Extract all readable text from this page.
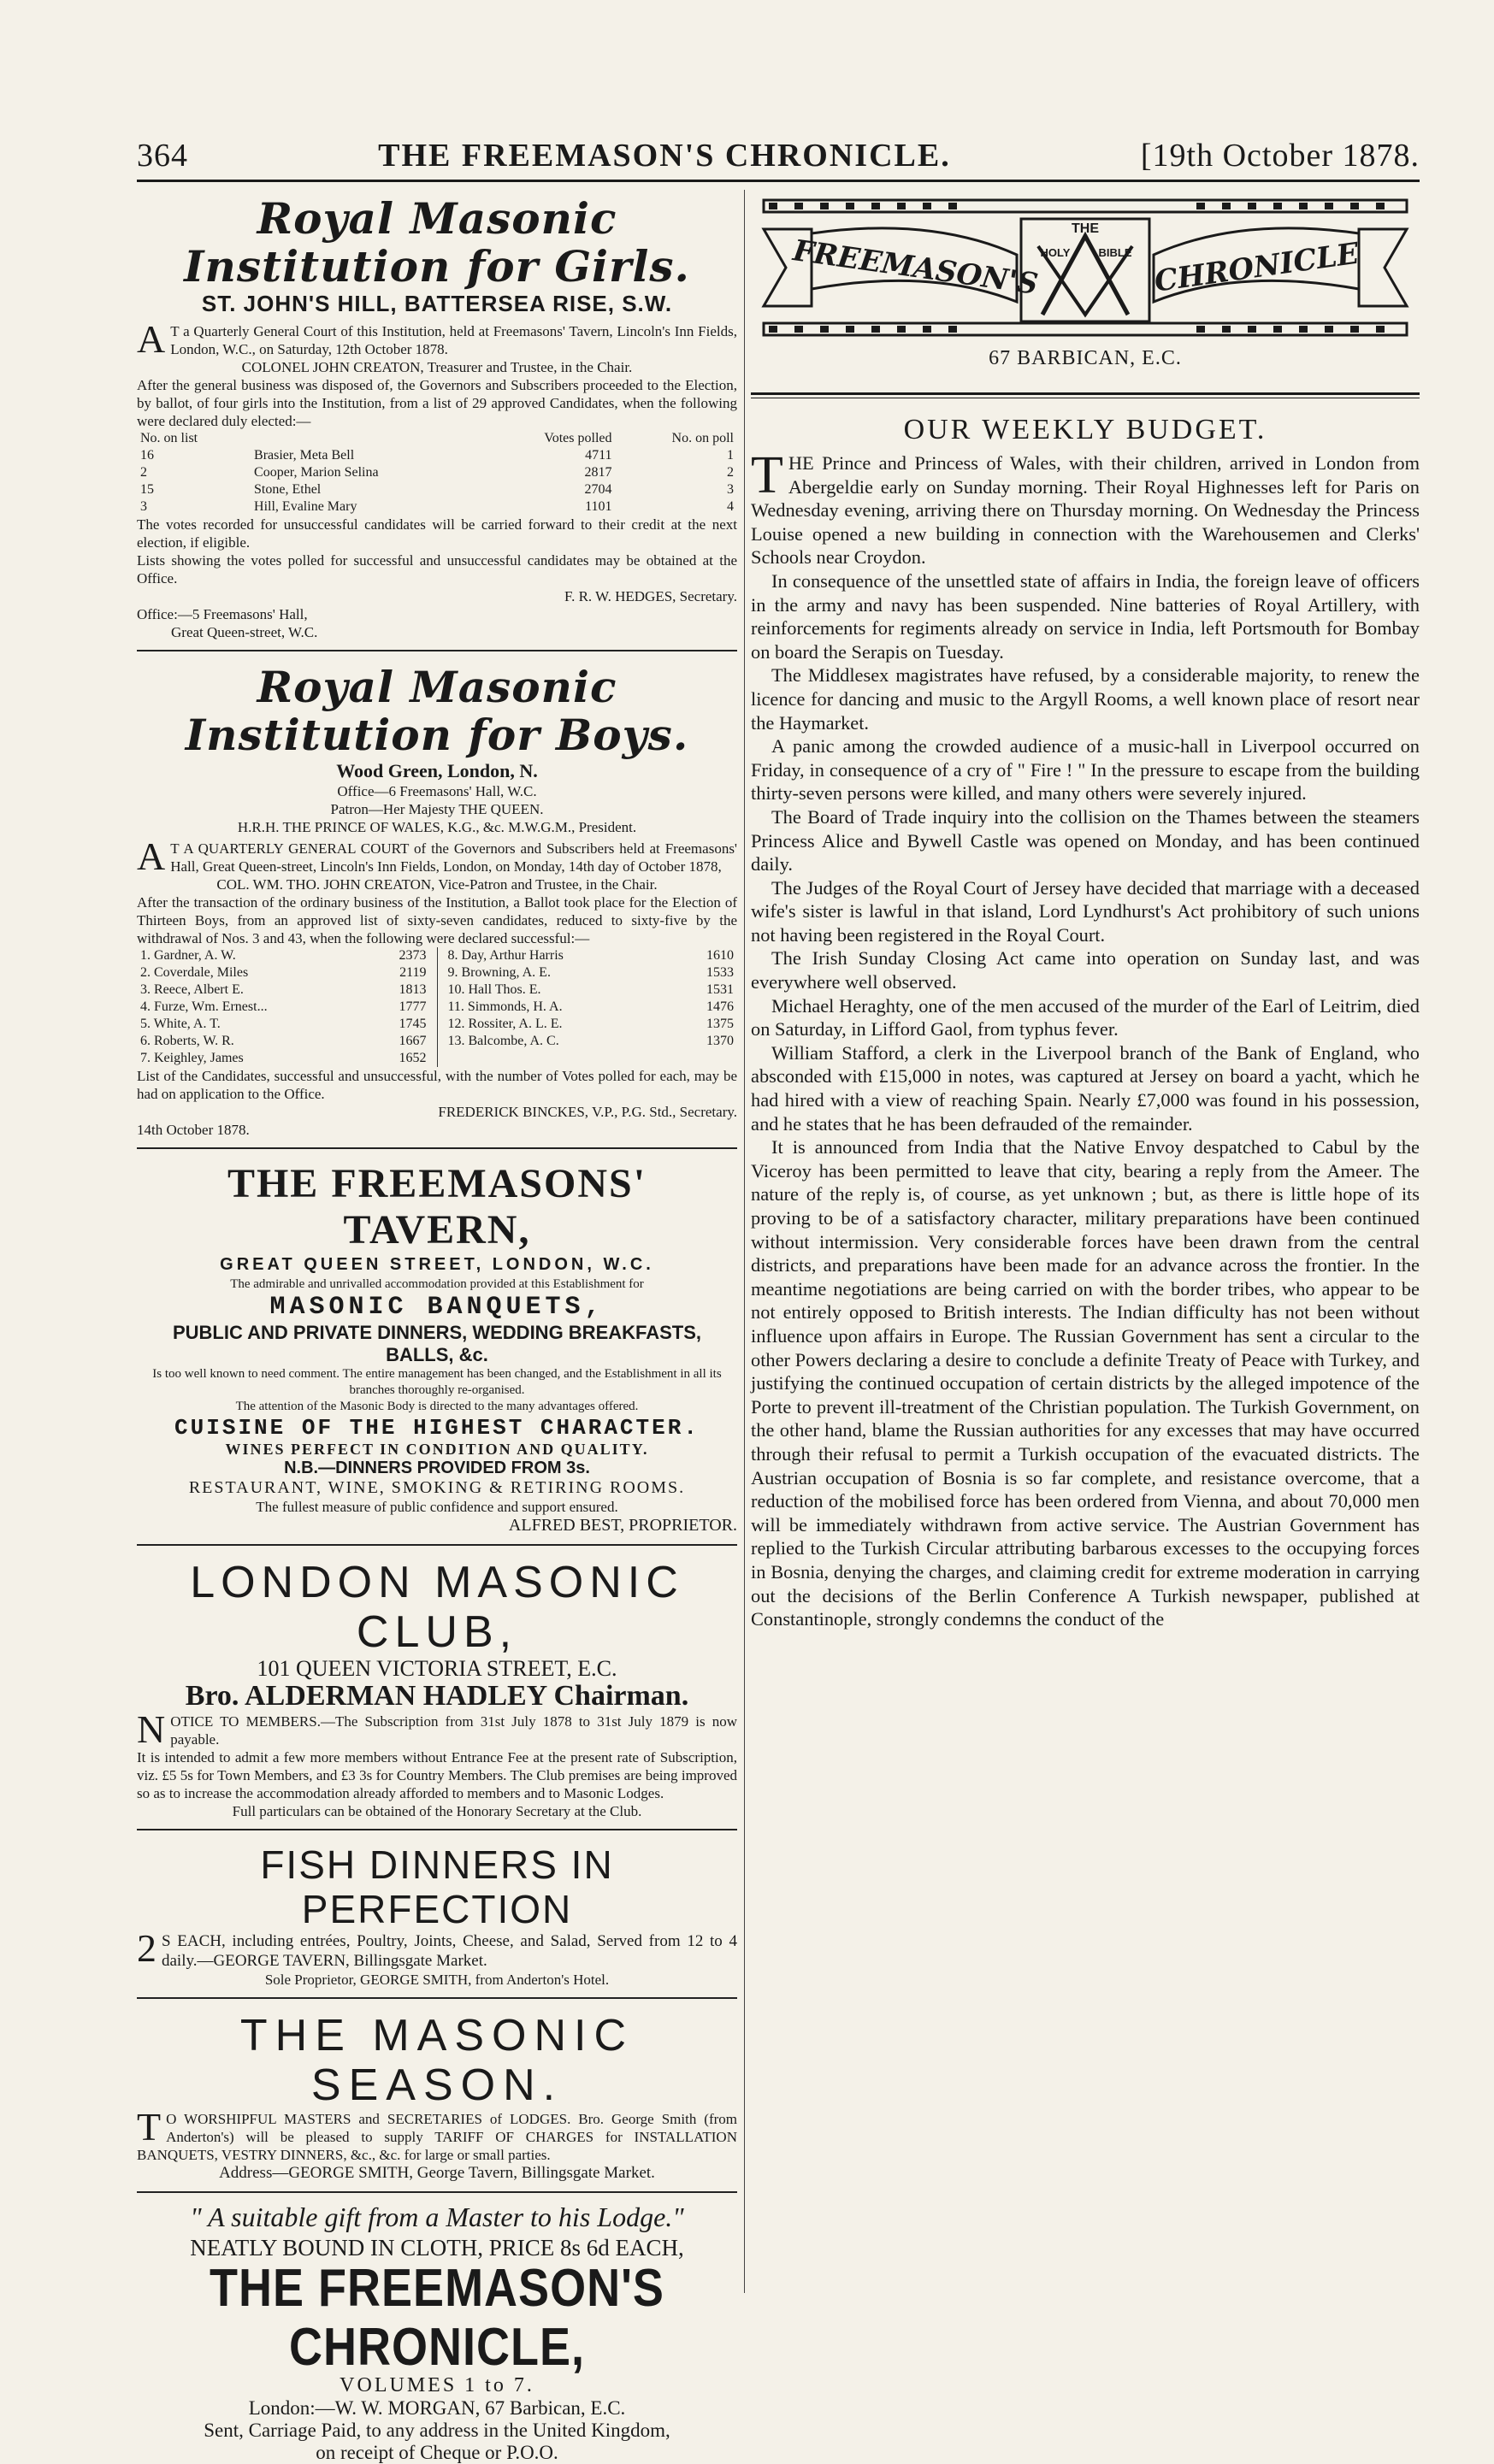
364	THE FREEMASON'S CHRONICLE.	[19th October 1878.
Royal Masonic Institution for Girls.
ST. JOHN'S HILL, BATTERSEA RISE, S.W.
AT a Quarterly General Court of this Institution, held at Freemasons' Tavern, Lincoln's Inn Fields, London, W.C., on Saturday, 12th October 1878.
COLONEL JOHN CREATON, Treasurer and Trustee, in the Chair.
After the general business was disposed of, the Governors and Subscribers proceeded to the Election, by ballot, of four girls into the Institution, from a list of 29 approved Candidates, when the following were declared duly elected:—
No. on list		Votes polled	No. on poll
16	Brasier, Meta Bell	4711	1
2	Cooper, Marion Selina	2817	2
15	Stone, Ethel	2704	3
3	Hill, Evaline Mary	1101	4
The votes recorded for unsuccessful candidates will be carried forward to their credit at the next election, if eligible.
Lists showing the votes polled for successful and unsuccessful candidates may be obtained at the Office.
F. R. W. HEDGES, Secretary.
Office:—5 Freemasons' Hall,
Great Queen-street, W.C.
Royal Masonic Institution for Boys.
Wood Green, London, N.
Office—6 Freemasons' Hall, W.C.
Patron—Her Majesty THE QUEEN.
H.R.H. THE PRINCE OF WALES, K.G., &c. M.W.G.M., President.
AT A QUARTERLY GENERAL COURT of the Governors and Subscribers held at Freemasons' Hall, Great Queen-street, Lincoln's Inn Fields, London, on Monday, 14th day of October 1878,
COL. WM. THO. JOHN CREATON, Vice-Patron and Trustee, in the Chair.
After the transaction of the ordinary business of the Institution, a Ballot took place for the Election of Thirteen Boys, from an approved list of sixty-seven candidates, reduced to sixty-five by the withdrawal of Nos. 3 and 43, when the following were declared successful:—
1. Gardner, A. W.	2373
2. Coverdale, Miles	2119
3. Reece, Albert E.	1813
4. Furze, Wm. Ernest...	1777
5. White, A. T.	1745
6. Roberts, W. R.	1667
7. Keighley, James	1652
8. Day, Arthur Harris	1610
9. Browning, A. E.	1533
10. Hall Thos. E.	1531
11. Simmonds, H. A.	1476
12. Rossiter, A. L. E.	1375
13. Balcombe, A. C.	1370
List of the Candidates, successful and unsuccessful, with the number of Votes polled for each, may be had on application to the Office.
FREDERICK BINCKES, V.P., P.G. Std., Secretary.
14th October 1878.
THE FREEMASONS' TAVERN,
GREAT QUEEN STREET, LONDON, W.C.
The admirable and unrivalled accommodation provided at this Establishment for
MASONIC BANQUETS,
PUBLIC AND PRIVATE DINNERS, WEDDING BREAKFASTS, BALLS, &c.
Is too well known to need comment. The entire management has been changed, and the Establishment in all its branches thoroughly re-organised.
The attention of the Masonic Body is directed to the many advantages offered.
CUISINE OF THE HIGHEST CHARACTER.
WINES PERFECT IN CONDITION AND QUALITY.
N.B.—DINNERS PROVIDED FROM 3s.
RESTAURANT, WINE, SMOKING & RETIRING ROOMS.
The fullest measure of public confidence and support ensured.
ALFRED BEST, PROPRIETOR.
LONDON MASONIC CLUB,
101 QUEEN VICTORIA STREET, E.C.
Bro. ALDERMAN HADLEY Chairman.
NOTICE TO MEMBERS.—The Subscription from 31st July 1878 to 31st July 1879 is now payable.
It is intended to admit a few more members without Entrance Fee at the present rate of Subscription, viz. £5 5s for Town Members, and £3 3s for Country Members. The Club premises are being improved so as to increase the accommodation already afforded to members and to Masonic Lodges.
Full particulars can be obtained of the Honorary Secretary at the Club.
FISH DINNERS IN PERFECTION
2S EACH, including entrées, Poultry, Joints, Cheese, and Salad, Served from 12 to 4 daily.—GEORGE TAVERN, Billingsgate Market.
Sole Proprietor, GEORGE SMITH, from Anderton's Hotel.
THE MASONIC SEASON.
TO WORSHIPFUL MASTERS and SECRETARIES of LODGES. Bro. George Smith (from Anderton's) will be pleased to supply TARIFF OF CHARGES for INSTALLATION BANQUETS, VESTRY DINNERS, &c., &c. for large or small parties.
Address—GEORGE SMITH, George Tavern, Billingsgate Market.
" A suitable gift from a Master to his Lodge."
NEATLY BOUND IN CLOTH, PRICE 8s 6d EACH,
THE FREEMASON'S CHRONICLE,
VOLUMES 1 to 7.
London:—W. W. MORGAN, 67 Barbican, E.C.
Sent, Carriage Paid, to any address in the United Kingdom,
on receipt of Cheque or P.O.O.
THE
HOLY	BIBLE
FREEMASON'S	CHRONICLE
67 BARBICAN, E.C.
OUR WEEKLY BUDGET.

THE Prince and Princess of Wales, with their children, arrived in London from Abergeldie early on Sunday morning. Their Royal Highnesses left for Paris on Wednesday evening, arriving there on Thursday morning. On Wednesday the Princess Louise opened a new building in connection with the Warehousemen and Clerks' Schools near Croydon.

In consequence of the unsettled state of affairs in India, the foreign leave of officers in the army and navy has been suspended. Nine batteries of Royal Artillery, with reinforcements for regiments already on service in India, left Portsmouth for Bombay on board the Serapis on Tuesday.

The Middlesex magistrates have refused, by a considerable majority, to renew the licence for dancing and music to the Argyll Rooms, a well known place of resort near the Haymarket.

A panic among the crowded audience of a music-hall in Liverpool occurred on Friday, in consequence of a cry of " Fire ! " In the pressure to escape from the building thirty-seven persons were killed, and many others were severely injured.

The Board of Trade inquiry into the collision on the Thames between the steamers Princess Alice and Bywell Castle was opened on Monday, and has been continued daily.

The Judges of the Royal Court of Jersey have decided that marriage with a deceased wife's sister is lawful in that island, Lord Lyndhurst's Act prohibitory of such unions not having been registered in the Royal Court.

The Irish Sunday Closing Act came into operation on Sunday last, and was everywhere well observed.

Michael Heraghty, one of the men accused of the murder of the Earl of Leitrim, died on Saturday, in Lifford Gaol, from typhus fever.

William Stafford, a clerk in the Liverpool branch of the Bank of England, who absconded with £15,000 in notes, was captured at Jersey on board a yacht, which he had hired with a view of reaching Spain. Nearly £7,000 was found in his possession, and he states that he has been defrauded of the remainder.

It is announced from India that the Native Envoy despatched to Cabul by the Viceroy has been permitted to leave that city, bearing a reply from the Ameer. The nature of the reply is, of course, as yet unknown ; but, as there is little hope of its proving to be of a satisfactory character, military preparations have been continued without intermission. Very considerable forces have been drawn from the central districts, and preparations have been made for an advance across the frontier. In the meantime negotiations are being carried on with the border tribes, who appear to be not entirely opposed to British interests. The Indian difficulty has not been without influence upon affairs in Europe. The Russian Government has sent a circular to the other Powers declaring a desire to conclude a definite Treaty of Peace with Turkey, and justifying the continued occupation of certain districts by the alleged impotence of the Porte to prevent ill-treatment of the Christian population. The Turkish Government, on the other hand, blame the Russian authorities for any excesses that may have occurred through their refusal to permit a Turkish occupation of the evacuated districts. The Austrian occupation of Bosnia is so far complete, and resistance overcome, that a reduction of the mobilised force has been ordered from Vienna, and about 70,000 men will be immediately withdrawn from active service. The Austrian Government has replied to the Turkish Circular attributing barbarous excesses to the occupying forces in Bosnia, denying the charges, and claiming credit for extreme moderation in carrying out the decisions of the Berlin Conference A Turkish newspaper, published at Constantinople, strongly condemns the conduct of the
